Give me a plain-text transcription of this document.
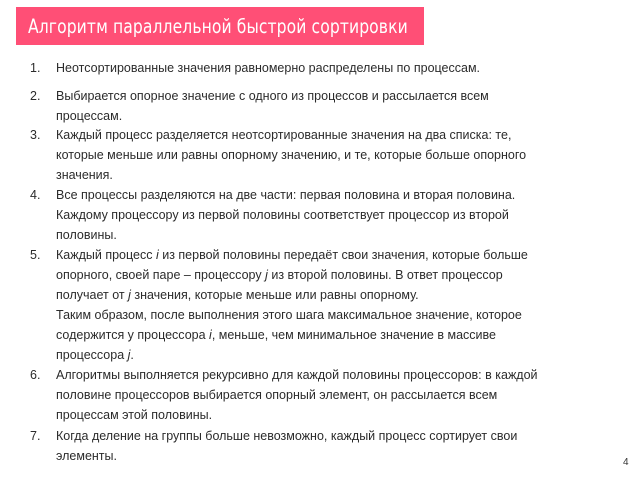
Алгоритм параллельной быстрой сортировки
1. Неотсортированные значения равномерно распределены по процессам.
2. Выбирается опорное значение с одного из процессов и рассылается всем
процессам.
3. Каждый процесс разделяется неотсортированные значения на два списка: те,
которые меньше или равны опорному значению, и те, которые больше опорного
значения.
4. Все процессы разделяются на две части: первая половина и вторая половина.
Каждому процессору из первой половины соответствует процессор из второй
половины.
5. Каждый процесс i из первой половины передаёт свои значения, которые больше
опорного, своей паре – процессору j из второй половины. В ответ процессор
получает от j значения, которые меньше или равны опорному.
Таким образом, после выполнения этого шага максимальное значение, которое
содержится у процессора i, меньше, чем минимальное значение в массиве
процессора j.
6. Алгоритмы выполняется рекурсивно для каждой половины процессоров: в каждой
половине процессоров выбирается опорный элемент, он рассылается всем
процессам этой половины.
7. Когда деление на группы больше невозможно, каждый процесс сортирует свои
элементы.	4
